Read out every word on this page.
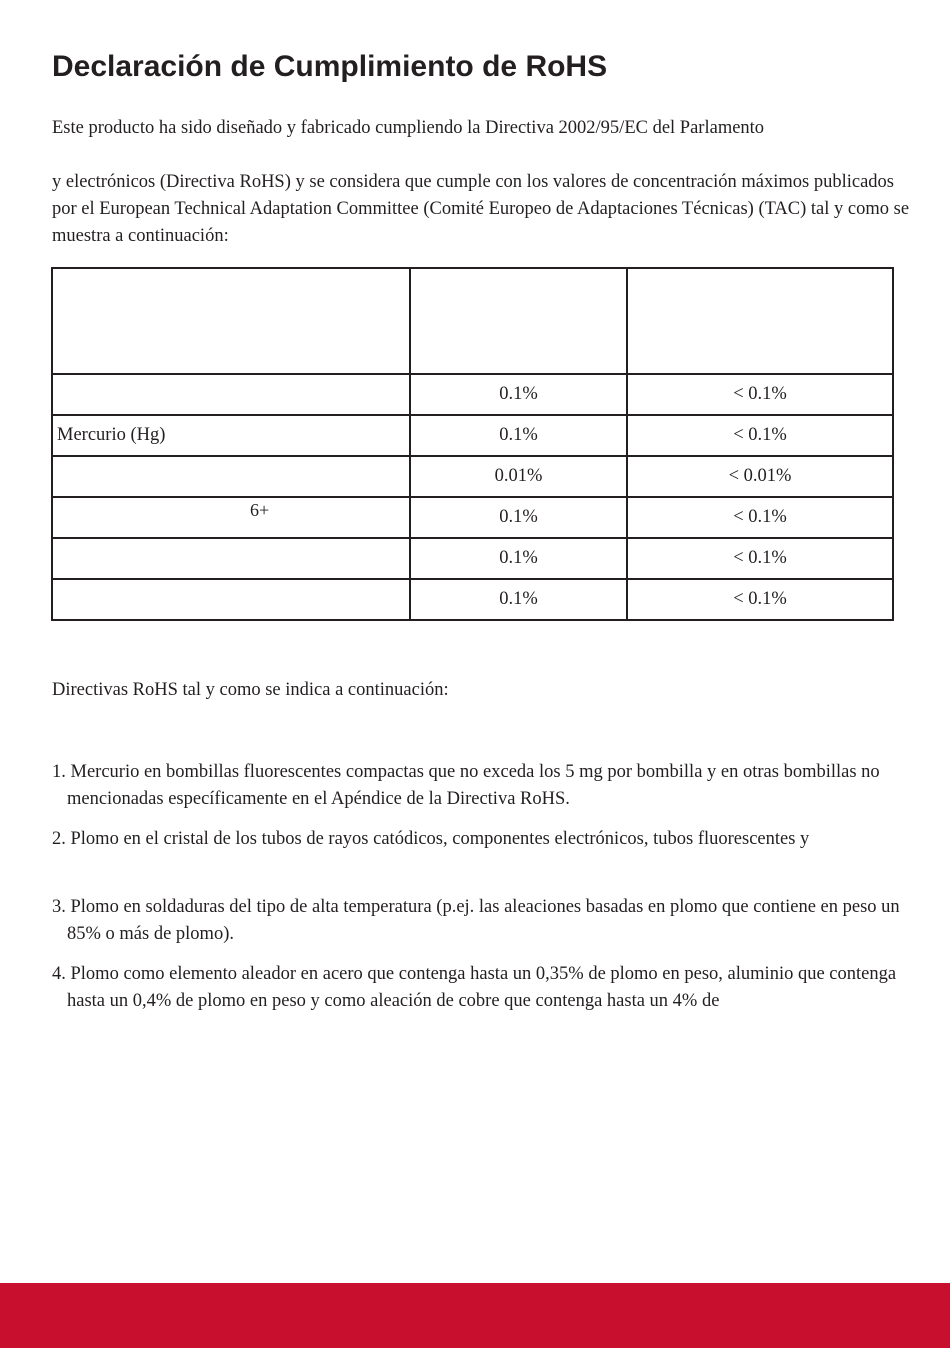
Declaración de Cumplimiento de RoHS

Este producto ha sido diseñado y fabricado cumpliendo la Directiva 2002/95/EC del Parlamento

y electrónicos (Directiva RoHS) y se considera que cumple con los valores de concentración máximos publicados por el European Technical Adaptation Committee (Comité Europeo de Adaptaciones Técnicas) (TAC) tal y como se muestra a continuación:

	0.1%	< 0.1%
Mercurio (Hg)	0.1%	< 0.1%
	0.01%	< 0.01%
6+	0.1%	< 0.1%
	0.1%	< 0.1%
	0.1%	< 0.1%

Directivas RoHS tal y como se indica a continuación:

1. Mercurio en bombillas fluorescentes compactas que no exceda los 5 mg por bombilla y en otras bombillas no mencionadas específicamente en el Apéndice de la Directiva RoHS.
2. Plomo en el cristal de los tubos de rayos catódicos, componentes electrónicos, tubos fluorescentes y
3. Plomo en soldaduras del tipo de alta temperatura (p.ej. las aleaciones basadas en plomo que contiene en peso un 85% o más de plomo).
4. Plomo como elemento aleador en acero que contenga hasta un 0,35% de plomo en peso, aluminio que contenga hasta un 0,4% de plomo en peso y como aleación de cobre que contenga hasta un 4% de
